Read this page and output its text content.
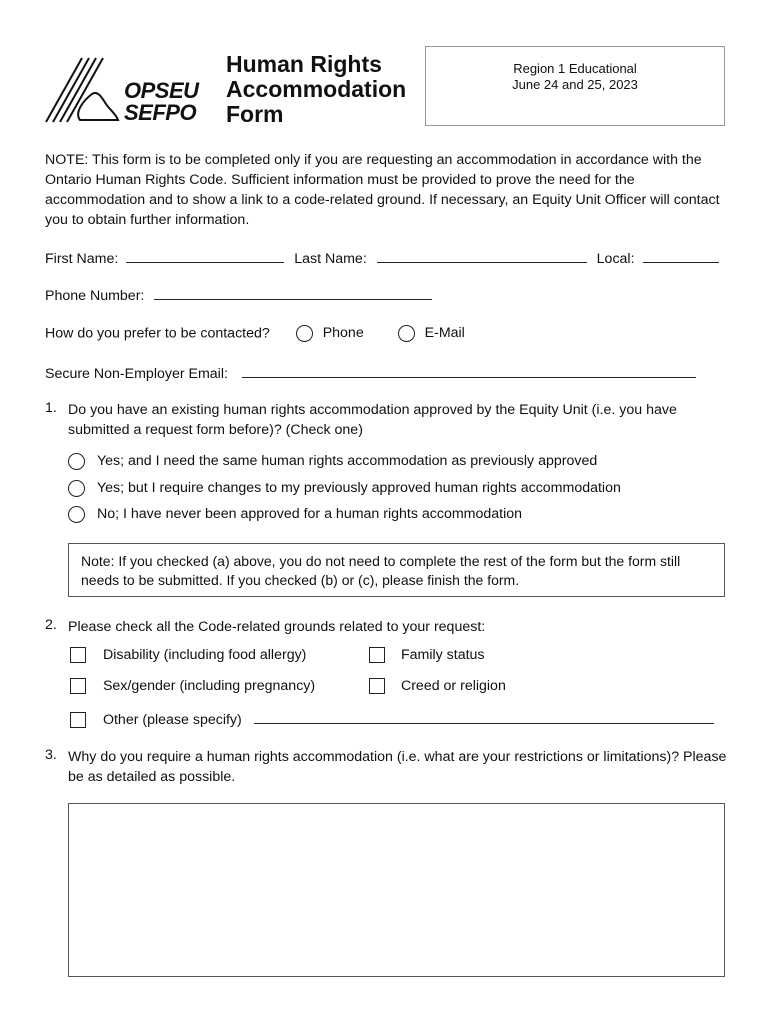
OPSEU
SEFPO
Human Rights
Accommodation
Form
Region 1 Educational
June 24 and 25, 2023
NOTE: This form is to be completed only if you are requesting an accommodation in accordance with the Ontario Human Rights Code. Sufficient information must be provided to prove the need for the accommodation and to show a link to a code-related ground. If necessary, an Equity Unit Officer will contact you to obtain further information.
First Name:	Last Name:	Local:
Phone Number:
How do you prefer to be contacted?	Phone	E-Mail
Secure Non-Employer Email:
1. Do you have an existing human rights accommodation approved by the Equity Unit (i.e. you have submitted a request form before)? (Check one)
Yes; and I need the same human rights accommodation as previously approved
Yes; but I require changes to my previously approved human rights accommodation
No; I have never been approved for a human rights accommodation
Note: If you checked (a) above, you do not need to complete the rest of the form but the form still needs to be submitted. If you checked (b) or (c), please finish the form.
2. Please check all the Code-related grounds related to your request:
Disability (including food allergy)	Family status
Sex/gender (including pregnancy)	Creed or religion
Other (please specify)
3. Why do you require a human rights accommodation (i.e. what are your restrictions or limitations)? Please be as detailed as possible.
